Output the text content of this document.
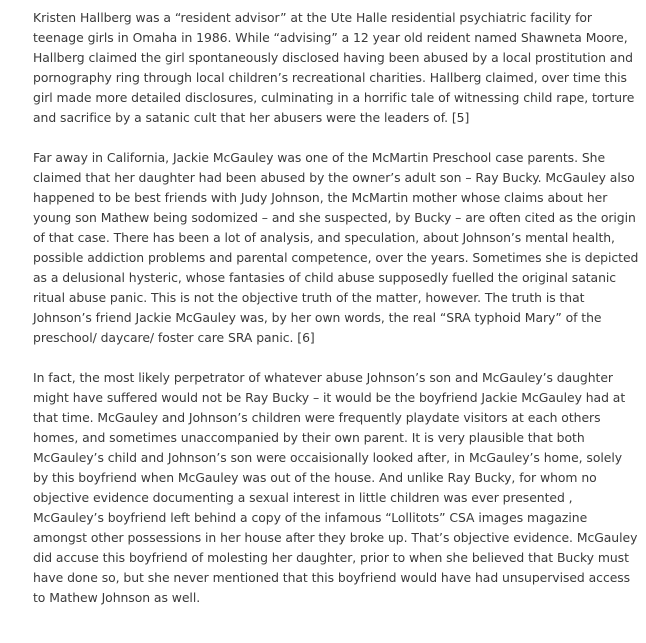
Kristen Hallberg was a “resident advisor” at the Ute Halle residential psychiatric facility for teenage girls in Omaha in 1986. While “advising” a 12 year old reident named Shawneta Moore, Hallberg claimed the girl spontaneously disclosed having been abused by a local prostitution and pornography ring through local children’s recreational charities. Hallberg claimed, over time this girl made more detailed disclosures, culminating in a horrific tale of witnessing child rape, torture and sacrifice by a satanic cult that her abusers were the leaders of. [5]

Far away in California, Jackie McGauley was one of the McMartin Preschool case parents. She claimed that her daughter had been abused by the owner’s adult son – Ray Bucky. McGauley also happened to be best friends with Judy Johnson, the McMartin mother whose claims about her young son Mathew being sodomized – and she suspected, by Bucky – are often cited as the origin of that case. There has been a lot of analysis, and speculation, about Johnson’s mental health, possible addiction problems and parental competence, over the years. Sometimes she is depicted as a delusional hysteric, whose fantasies of child abuse supposedly fuelled the original satanic ritual abuse panic. This is not the objective truth of the matter, however. The truth is that Johnson’s friend Jackie McGauley was, by her own words, the real “SRA typhoid Mary” of the preschool/ daycare/ foster care SRA panic. [6]

In fact, the most likely perpetrator of whatever abuse Johnson’s son and McGauley’s daughter might have suffered would not be Ray Bucky – it would be the boyfriend Jackie McGauley had at that time. McGauley and Johnson’s children were frequently playdate visitors at each others homes, and sometimes unaccompanied by their own parent. It is very plausible that both McGauley’s child and Johnson’s son were occaisionally looked after, in McGauley’s home, solely by this boyfriend when McGauley was out of the house. And unlike Ray Bucky, for whom no objective evidence documenting a sexual interest in little children was ever presented , McGauley’s boyfriend left behind a copy of the infamous “Lollitots” CSA images magazine amongst other possessions in her house after they broke up. That’s objective evidence. McGauley did accuse this boyfriend of molesting her daughter, prior to when she believed that Bucky must have done so, but she never mentioned that this boyfriend would have had unsupervised access to Mathew Johnson as well.
